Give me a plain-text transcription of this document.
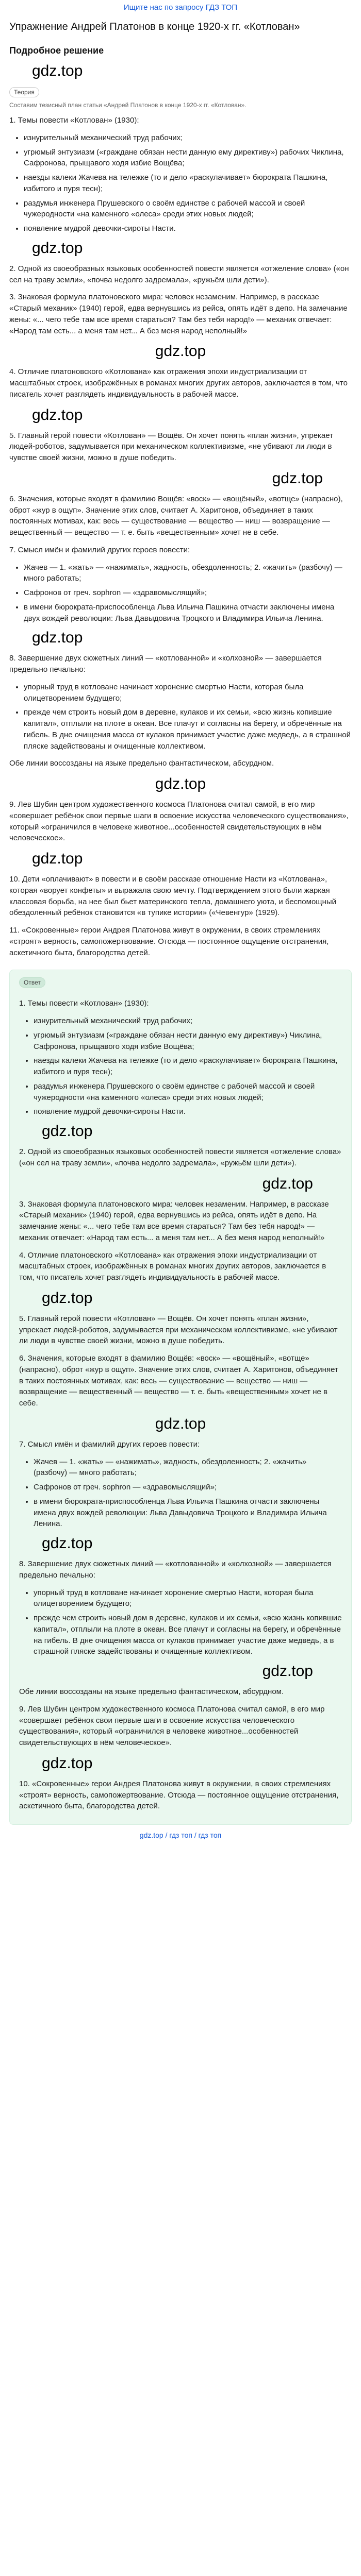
Ищите нас по запросу ГДЗ ТОП
Упражнение Андрей Платонов в конце 1920-х гг. «Котлован»
Подробное решение
gdz.top
Теория
Составим тезисный план статьи «Андрей Платонов в конце 1920-х гг. «Котлован».

1. Темы повести «Котлован» (1930):

• изнурительный механический труд рабочих;
• угрюмый энтузиазм («граждане обязан нести данную ему директиву») рабочих Чиклина, Сафронова, прыщавого ходя избие Вощёва;
• наезды калеки Жачева на тележке (то и дело «раскулачивает» бюрократа Пашкина, избитого и пуря тесн);
• раздумья инженера Прушевского о своём единстве с рабочей массой и своей чужеродности «на каменного «олеса» среди этих новых людей;
• появление мудрой девочки-сироты Насти.
gdz.top

2. Одной из своеобразных языковых особенностей повести является «отжеление слова» («он сел на траву земли», «почва недолго задремала», «ружьём шли дети»).

3. Знаковая формула платоновского мира: человек незаменим. Например, в рассказе «Старый механик» (1940) герой, едва вернувшись из рейса, опять идёт в депо. На замечание жены: «... чего тебе там все время стараться? Там без тебя народ!» — механик отвечает: «Народ там есть... а меня там нет... А без меня народ неполный!»

gdz.top

4. Отличие платоновского «Котлована» как отражения эпохи индустриализации от масштабных строек, изображённых в романах многих других авторов, заключается в том, что писатель хочет разглядеть индивидуальность в рабочей массе.

gdz.top

5. Главный герой повести «Котлован» — Вощёв. Он хочет понять «план жизни», упрекает людей-роботов, задумывается при механическом коллективизме, «не убивают ли люди в чувстве своей жизни, можно в душе победить.

gdz.top

6. Значения, которые входят в фамилию Вощёв: «воск» — «вощёный», «вотще» (напрасно), оброт «жур в ощуп». Значение этих слов, считает А. Харитонов, объединяет в таких постоянных мотивах, как: весь — существование — вещество — ниш — возвращение — вещественный — вещество — т. е. быть «вещественным» хочет не в себе.

7. Смысл имён и фамилий других героев повести:

• Жачев — 1. «жать» — «нажимать», жадность, обездоленность; 2. «жачить» (разбочу) — много работать;
• Сафронов от греч. sophron — «здравомыслящий»;
• в имени бюрократа-приспособленца Льва Ильича Пашкина отчасти заключены имена двух вождей революции: Льва Давыдовича Троцкого и Владимира Ильича Ленина.
gdz.top

8. Завершение двух сюжетных линий — «котлованной» и «колхозной» — завершается предельно печально:

• упорный труд в котловане начинает хоронение смертью Насти, которая была олицетворением будущего;
• прежде чем строить новый дом в деревне, кулаков и их семьи, «всю жизнь копившие капитал», отплыли на плоте в океан. Все плачут и согласны на берегу, и обречённые на гибель. В дне очищения масса от кулаков принимает участие даже медведь, а в страшной пляске задействованы и очищенные коллективом.

Обе линии воссозданы на языке предельно фантастическом, абсурдном.

gdz.top

9. Лев Шубин центром художественного космоса Платонова считал самой, в его мир «совершает ребёнок свои первые шаги в освоение искусства человеческого существования», который «ограничился в человеке животное...особенностей свидетельствующих в нём человеческое».

gdz.top

10. Дети «оплачивают» в повести и в своём рассказе отношение Насти из «Котлована», которая «ворует конфеты» и выражала свою мечту. Подтверждением этого были жаркая классовая борьба, на нее был бьет материнского тепла, домашнего уюта, и беспомощный обездоленный ребёнок становится «в тупике истории» («Чевенгур» (1929).

11. «Сокровенные» герои Андрея Платонова живут в окружении, в своих стремлениях «строят» верность, самопожертвование. Отсюда — постоянное ощущение отстранения, аскетичного быта, благородства детей.

Ответ

1. Темы повести «Котлован» (1930):

• изнурительный механический труд рабочих;
• угрюмый энтузиазм («граждане обязан нести данную ему директиву») Чиклина, Сафронова, прыщавого ходя избие Вощёва;
• наезды калеки Жачева на тележке (то и дело «раскулачивает» бюрократа Пашкина, избитого и пуря тесн);
• раздумья инженера Прушевского о своём единстве с рабочей массой и своей чужеродности «на каменного «олеса» среди этих новых людей;
• появление мудрой девочки-сироты Насти.
gdz.top

2. Одной из своеобразных языковых особенностей повести является «отжеление слова» («он сел на траву земли», «почва недолго задремала», «ружьём шли дети»).

gdz.top

3. Знаковая формула платоновского мира: человек незаменим. Например, в рассказе «Старый механик» (1940) герой, едва вернувшись из рейса, опять идёт в депо. На замечание жены: «... чего тебе там все время стараться? Там без тебя народ!» — механик отвечает: «Народ там есть... а меня там нет... А без меня народ неполный!»

4. Отличие платоновского «Котлована» как отражения эпохи индустриализации от масштабных строек, изображённых в романах многих других авторов, заключается в том, что писатель хочет разглядеть индивидуальность в рабочей массе.

gdz.top

5. Главный герой повести «Котлован» — Вощёв. Он хочет понять «план жизни», упрекает людей-роботов, задумывается при механическом коллективизме, «не убивают ли люди в чувстве своей жизни, можно в душе победить.

6. Значения, которые входят в фамилию Вощёв: «воск» — «вощёный», «вотще» (напрасно), оброт «жур в ощуп». Значение этих слов, считает А. Харитонов, объединяет в таких постоянных мотивах, как: весь — существование — вещество — ниш — возвращение — вещественный — вещество — т. е. быть «вещественным» хочет не в себе.

gdz.top

7. Смысл имён и фамилий других героев повести:

• Жачев — 1. «жать» — «нажимать», жадность, обездоленность; 2. «жачить» (разбочу) — много работать;
• Сафронов от греч. sophron — «здравомыслящий»;
• в имени бюрократа-приспособленца Льва Ильича Пашкина отчасти заключены имена двух вождей революции: Льва Давыдовича Троцкого и Владимира Ильича Ленина.
gdz.top

8. Завершение двух сюжетных линий — «котлованной» и «колхозной» — завершается предельно печально:

• упорный труд в котловане начинает хоронение смертью Насти, которая была олицетворением будущего;
• прежде чем строить новый дом в деревне, кулаков и их семьи, «всю жизнь копившие капитал», отплыли на плоте в океан. Все плачут и согласны на берегу, и обречённые на гибель. В дне очищения масса от кулаков принимает участие даже медведь, а в страшной пляске задействованы и очищенные коллективом.
gdz.top

Обе линии воссозданы на языке предельно фантастическом, абсурдном.

9. Лев Шубин центром художественного космоса Платонова считал самой, в его мир «совершает ребёнок свои первые шаги в освоение искусства человеческого существования», который «ограничился в человеке животное...особенностей свидетельствующих в нём человеческое».

gdz.top

10. «Сокровенные» герои Андрея Платонова живут в окружении, в своих стремлениях «строят» верность, самопожертвование. Отсюда — постоянное ощущение отстранения, аскетичного быта, благородства детей.

gdz.top / гдз топ / гдз топ
